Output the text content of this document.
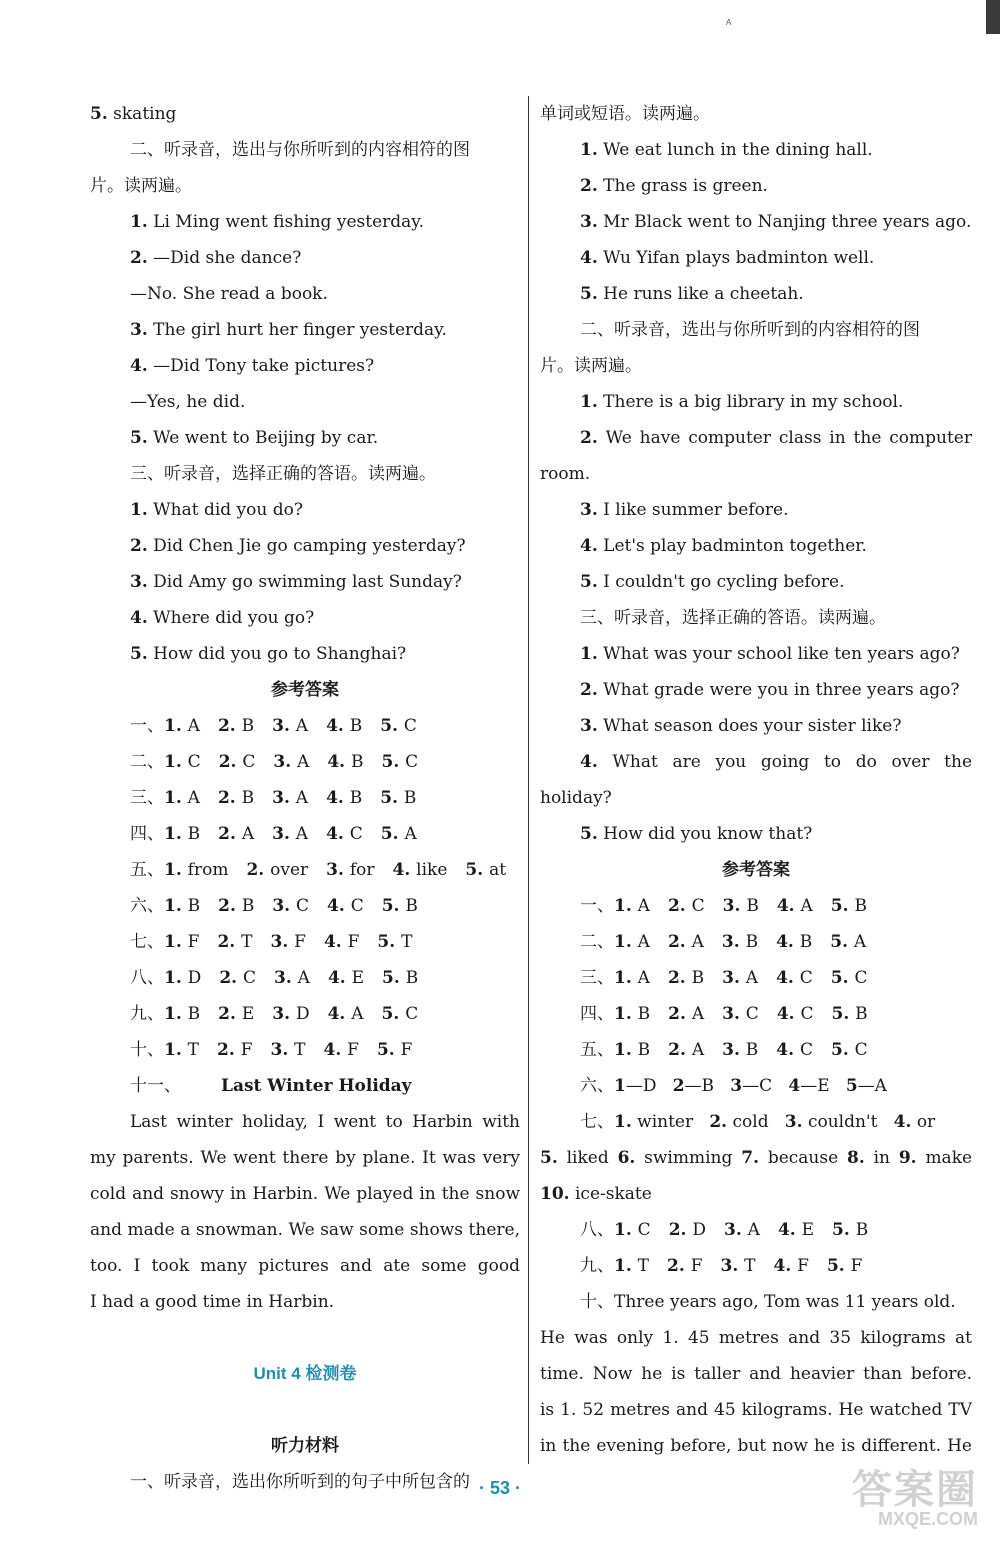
A
5. skating
二、听录音，选出与你所听到的内容相符的图
片。读两遍。
1. Li Ming went fishing yesterday.
2. —Did she dance?
—No. She read a book.
3. The girl hurt her finger yesterday.
4. —Did Tony take pictures?
—Yes, he did.
5. We went to Beijing by car.
三、听录音，选择正确的答语。读两遍。
1. What did you do?
2. Did Chen Jie go camping yesterday?
3. Did Amy go swimming last Sunday?
4. Where did you go?
5. How did you go to Shanghai?
参考答案
一、1. A 2. B 3. A 4. B 5. C
二、1. C 2. C 3. A 4. B 5. C
三、1. A 2. B 3. A 4. B 5. B
四、1. B 2. A 3. A 4. C 5. A
五、1. from 2. over 3. for 4. like 5. at
六、1. B 2. B 3. C 4. C 5. B
七、1. F 2. T 3. F 4. F 5. T
八、1. D 2. C 3. A 4. E 5. B
九、1. B 2. E 3. D 4. A 5. C
十、1. T 2. F 3. T 4. F 5. F
十一、 Last Winter Holiday
Last winter holiday, I went to Harbin with
my parents. We went there by plane. It was very
cold and snowy in Harbin. We played in the snow
and made a snowman. We saw some shows there,
too. I took many pictures and ate some good
I had a good time in Harbin.
Unit 4 检测卷
听力材料
一、听录音，选出你所听到的句子中所包含的
单词或短语。读两遍。
1. We eat lunch in the dining hall.
2. The grass is green.
3. Mr Black went to Nanjing three years ago.
4. Wu Yifan plays badminton well.
5. He runs like a cheetah.
二、听录音，选出与你所听到的内容相符的图
片。读两遍。
1. There is a big library in my school.
2. We have computer class in the computer
room.
3. I like summer before.
4. Let's play badminton together.
5. I couldn't go cycling before.
三、听录音，选择正确的答语。读两遍。
1. What was your school like ten years ago?
2. What grade were you in three years ago?
3. What season does your sister like?
4. What are you going to do over the
holiday?
5. How did you know that?
参考答案
一、1. A 2. C 3. B 4. A 5. B
二、1. A 2. A 3. B 4. B 5. A
三、1. A 2. B 3. A 4. C 5. C
四、1. B 2. A 3. C 4. C 5. B
五、1. B 2. A 3. B 4. C 5. C
六、1—D 2—B 3—C 4—E 5—A
七、1. winter 2. cold 3. couldn't 4. or
5. liked 6. swimming 7. because 8. in 9. make
10. ice-skate
八、1. C 2. D 3. A 4. E 5. B
九、1. T 2. F 3. T 4. F 5. F
十、Three years ago, Tom was 11 years old.
He was only 1. 45 metres and 35 kilograms at
time. Now he is taller and heavier than before.
is 1. 52 metres and 45 kilograms. He watched TV
in the evening before, but now he is different. He
· 53 ·	答案圈
MXQE.COM
